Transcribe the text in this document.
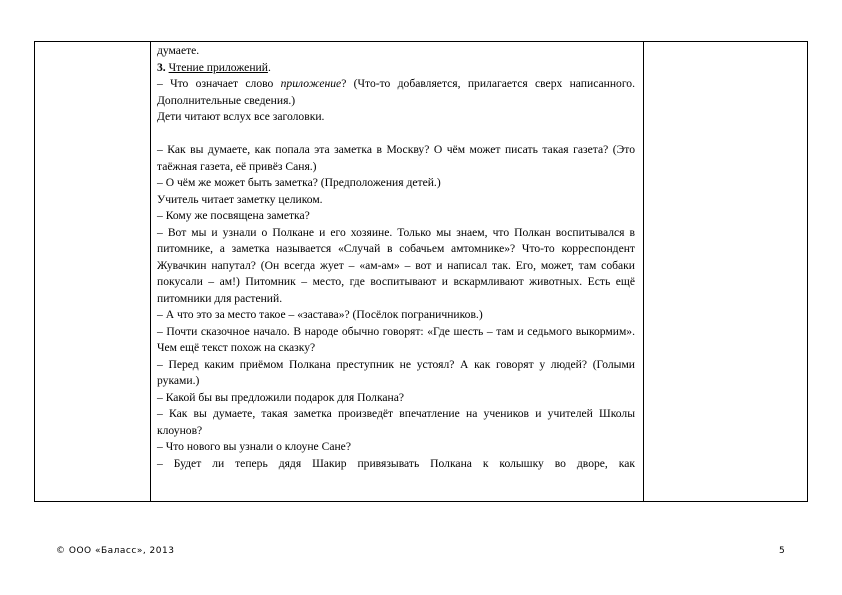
думаете.

3. Чтение приложений.

– Что означает слово приложение? (Что-то добавляется, прилагается сверх написанного. Дополнительные сведения.)

Дети читают вслух все заголовки.

– Как вы думаете, как попала эта заметка в Москву? О чём может писать такая газета? (Это таёжная газета, её привёз Саня.)

– О чём же может быть заметка? (Предположения детей.)

Учитель читает заметку целиком.

– Кому же посвящена заметка?

– Вот мы и узнали о Полкане и его хозяине. Только мы знаем, что Полкан воспитывался в питомнике, а заметка называется «Случай в собачьем амтомнике»? Что-то корреспондент Жувачкин напутал? (Он всегда жует – «ам-ам» – вот и написал так. Его, может, там собаки покусали – ам!) Питомник – место, где воспитывают и вскармливают животных. Есть ещё питомники для растений.

– А что это за место такое – «застава»? (Посёлок пограничников.)

– Почти сказочное начало. В народе обычно говорят: «Где шесть – там и седьмого выкормим». Чем ещё текст похож на сказку?

– Перед каким приёмом Полкана преступник не устоял? А как говорят у людей? (Голыми руками.)

– Какой бы вы предложили подарок для Полкана?

– Как вы думаете, такая заметка произведёт впечатление на учеников и учителей Школы клоунов?

– Что нового вы узнали о клоуне Сане?

– Будет ли теперь дядя Шакир привязывать Полкана к колышку во дворе, как

© ООО «Баласс», 2013	5
